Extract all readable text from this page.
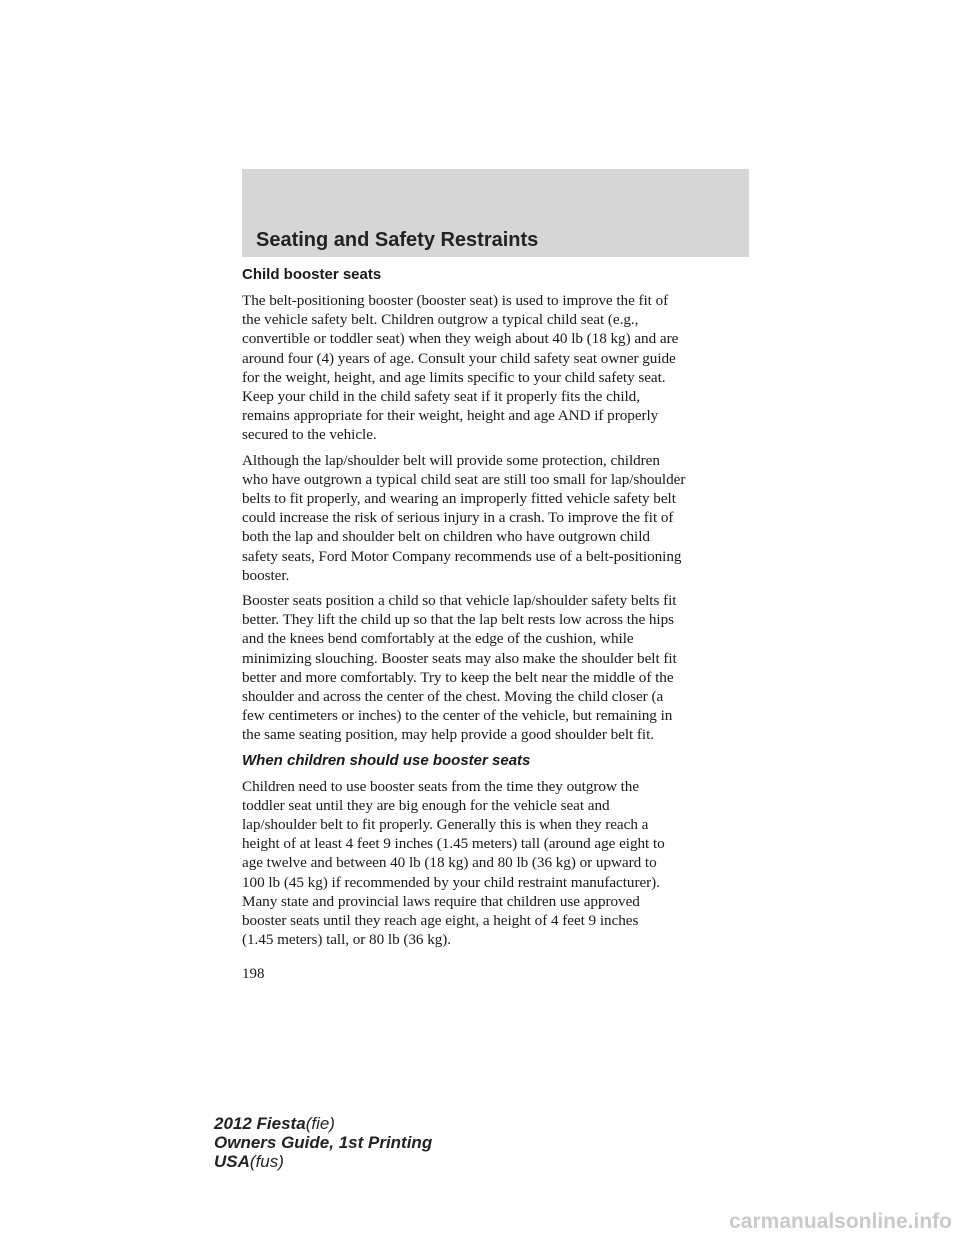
Seating and Safety Restraints
Child booster seats
The belt-positioning booster (booster seat) is used to improve the fit of
the vehicle safety belt. Children outgrow a typical child seat (e.g.,
convertible or toddler seat) when they weigh about 40 lb (18 kg) and are
around four (4) years of age. Consult your child safety seat owner guide
for the weight, height, and age limits specific to your child safety seat.
Keep your child in the child safety seat if it properly fits the child,
remains appropriate for their weight, height and age AND if properly
secured to the vehicle.
Although the lap/shoulder belt will provide some protection, children
who have outgrown a typical child seat are still too small for lap/shoulder
belts to fit properly, and wearing an improperly fitted vehicle safety belt
could increase the risk of serious injury in a crash. To improve the fit of
both the lap and shoulder belt on children who have outgrown child
safety seats, Ford Motor Company recommends use of a belt-positioning
booster.
Booster seats position a child so that vehicle lap/shoulder safety belts fit
better. They lift the child up so that the lap belt rests low across the hips
and the knees bend comfortably at the edge of the cushion, while
minimizing slouching. Booster seats may also make the shoulder belt fit
better and more comfortably. Try to keep the belt near the middle of the
shoulder and across the center of the chest. Moving the child closer (a
few centimeters or inches) to the center of the vehicle, but remaining in
the same seating position, may help provide a good shoulder belt fit.
When children should use booster seats
Children need to use booster seats from the time they outgrow the
toddler seat until they are big enough for the vehicle seat and
lap/shoulder belt to fit properly. Generally this is when they reach a
height of at least 4 feet 9 inches (1.45 meters) tall (around age eight to
age twelve and between 40 lb (18 kg) and 80 lb (36 kg) or upward to
100 lb (45 kg) if recommended by your child restraint manufacturer).
Many state and provincial laws require that children use approved
booster seats until they reach age eight, a height of 4 feet 9 inches
(1.45 meters) tall, or 80 lb (36 kg).
198
2012 Fiesta(fie)
Owners Guide, 1st Printing
USA(fus)
carmanualsonline.info
